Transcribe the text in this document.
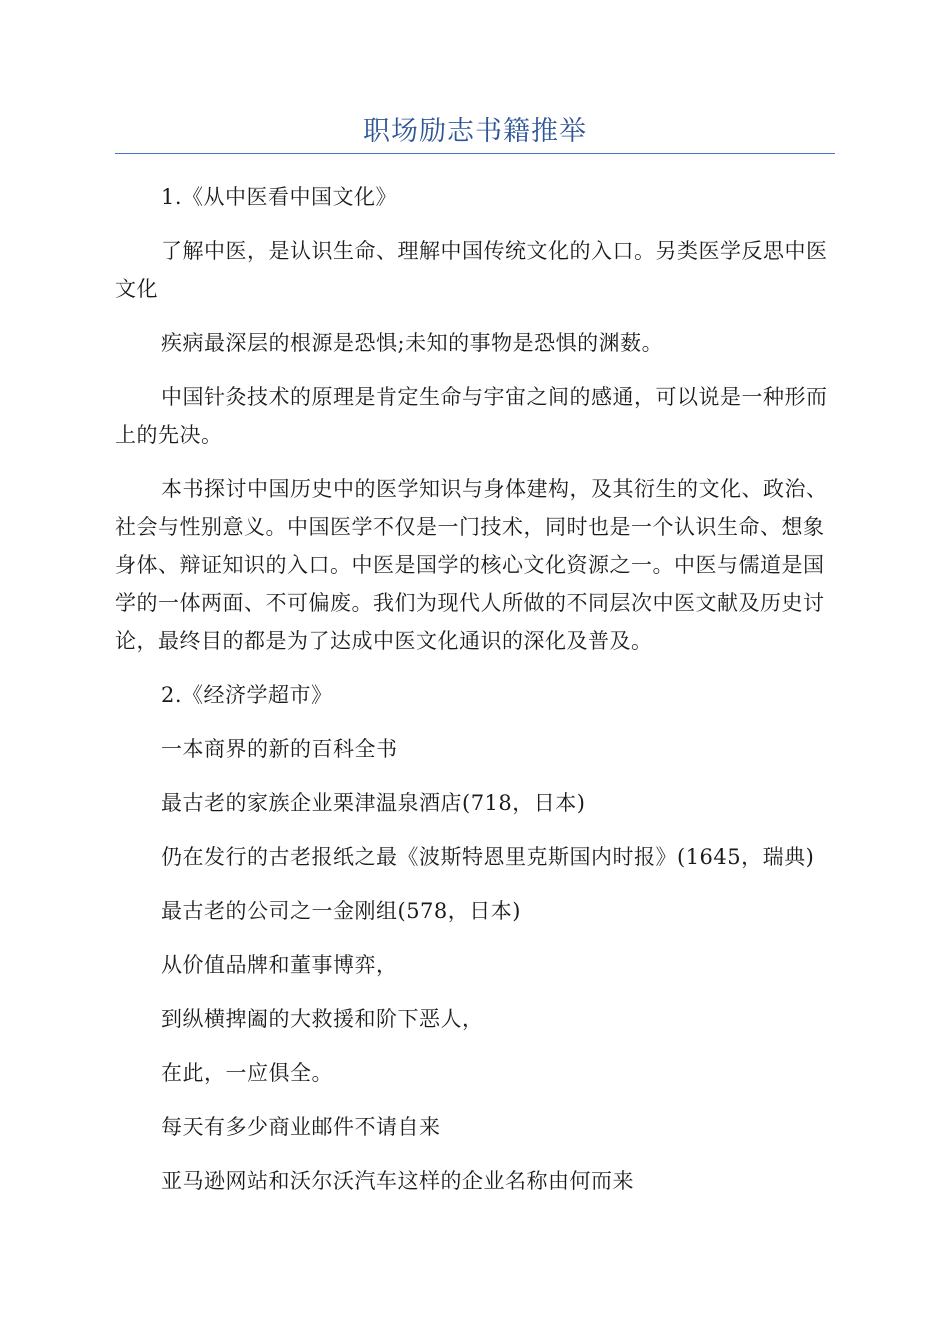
职场励志书籍推举

1.《从中医看中国文化》

了解中医，是认识生命、理解中国传统文化的入口。另类医学反思中医文化

疾病最深层的根源是恐惧;未知的事物是恐惧的渊薮。

中国针灸技术的原理是肯定生命与宇宙之间的感通，可以说是一种形而上的先决。

本书探讨中国历史中的医学知识与身体建构，及其衍生的文化、政治、社会与性别意义。中国医学不仅是一门技术，同时也是一个认识生命、想象身体、辩证知识的入口。中医是国学的核心文化资源之一。中医与儒道是国学的一体两面、不可偏废。我们为现代人所做的不同层次中医文献及历史讨论，最终目的都是为了达成中医文化通识的深化及普及。

2.《经济学超市》

一本商界的新的百科全书

最古老的家族企业栗津温泉酒店(718，日本)

仍在发行的古老报纸之最《波斯特恩里克斯国内时报》(1645，瑞典)

最古老的公司之一金刚组(578，日本)

从价值品牌和董事博弈，

到纵横捭阖的大救援和阶下恶人，

在此，一应俱全。

每天有多少商业邮件不请自来

亚马逊网站和沃尔沃汽车这样的企业名称由何而来
